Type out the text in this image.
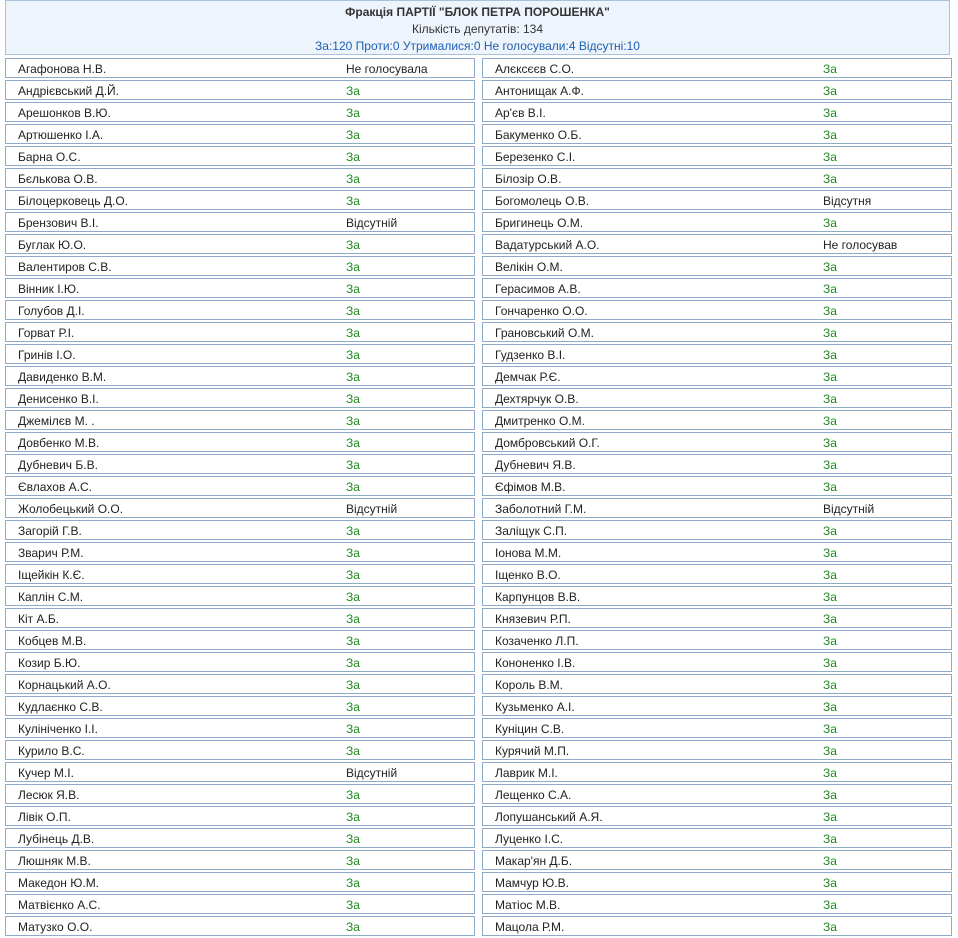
Фракція ПАРТІЇ "БЛОК ПЕТРА ПОРОШЕНКА"
Кількість депутатів: 134
За:120 Проти:0 Утрималися:0 Не голосували:4 Відсутні:10
Агафонова Н.В.	Не голосувала
Андрієвський Д.Й.	За
Арешонков В.Ю.	За
Артюшенко І.А.	За
Барна О.С.	За
Бєлькова О.В.	За
Білоцерковець Д.О.	За
Брензович В.І.	Відсутній
Буглак Ю.О.	За
Валентиров С.В.	За
Вінник І.Ю.	За
Голубов Д.І.	За
Горват Р.І.	За
Гринів І.О.	За
Давиденко В.М.	За
Денисенко В.І.	За
Джемілєв М. .	За
Довбенко М.В.	За
Дубневич Б.В.	За
Євлахов А.С.	За
Жолобецький О.О.	Відсутній
Загорій Г.В.	За
Зварич Р.М.	За
Іщейкін К.Є.	За
Каплін С.М.	За
Кіт А.Б.	За
Кобцев М.В.	За
Козир Б.Ю.	За
Корнацький А.О.	За
Кудлаєнко С.В.	За
Кулініченко І.І.	За
Курило В.С.	За
Кучер М.І.	Відсутній
Лесюк Я.В.	За
Лівік О.П.	За
Лубінець Д.В.	За
Люшняк М.В.	За
Македон Ю.М.	За
Матвієнко А.С.	За
Матузко О.О.	За
Алєксєєв С.О.	За
Антонищак А.Ф.	За
Ар'єв В.І.	За
Бакуменко О.Б.	За
Березенко С.І.	За
Білозір О.В.	За
Богомолець О.В.	Відсутня
Бригинець О.М.	За
Вадатурський А.О.	Не голосував
Велікін О.М.	За
Герасимов А.В.	За
Гончаренко О.О.	За
Грановський О.М.	За
Гудзенко В.І.	За
Демчак Р.Є.	За
Дехтярчук О.В.	За
Дмитренко О.М.	За
Домбровський О.Г.	За
Дубневич Я.В.	За
Єфімов М.В.	За
Заболотний Г.М.	Відсутній
Заліщук С.П.	За
Іонова М.М.	За
Іщенко В.О.	За
Карпунцов В.В.	За
Князевич Р.П.	За
Козаченко Л.П.	За
Кононенко І.В.	За
Король В.М.	За
Кузьменко А.І.	За
Куніцин С.В.	За
Курячий М.П.	За
Лаврик М.І.	За
Лещенко С.А.	За
Лопушанський А.Я.	За
Луценко І.С.	За
Макар'ян Д.Б.	За
Мамчур Ю.В.	За
Матіос М.В.	За
Мацола Р.М.	За
